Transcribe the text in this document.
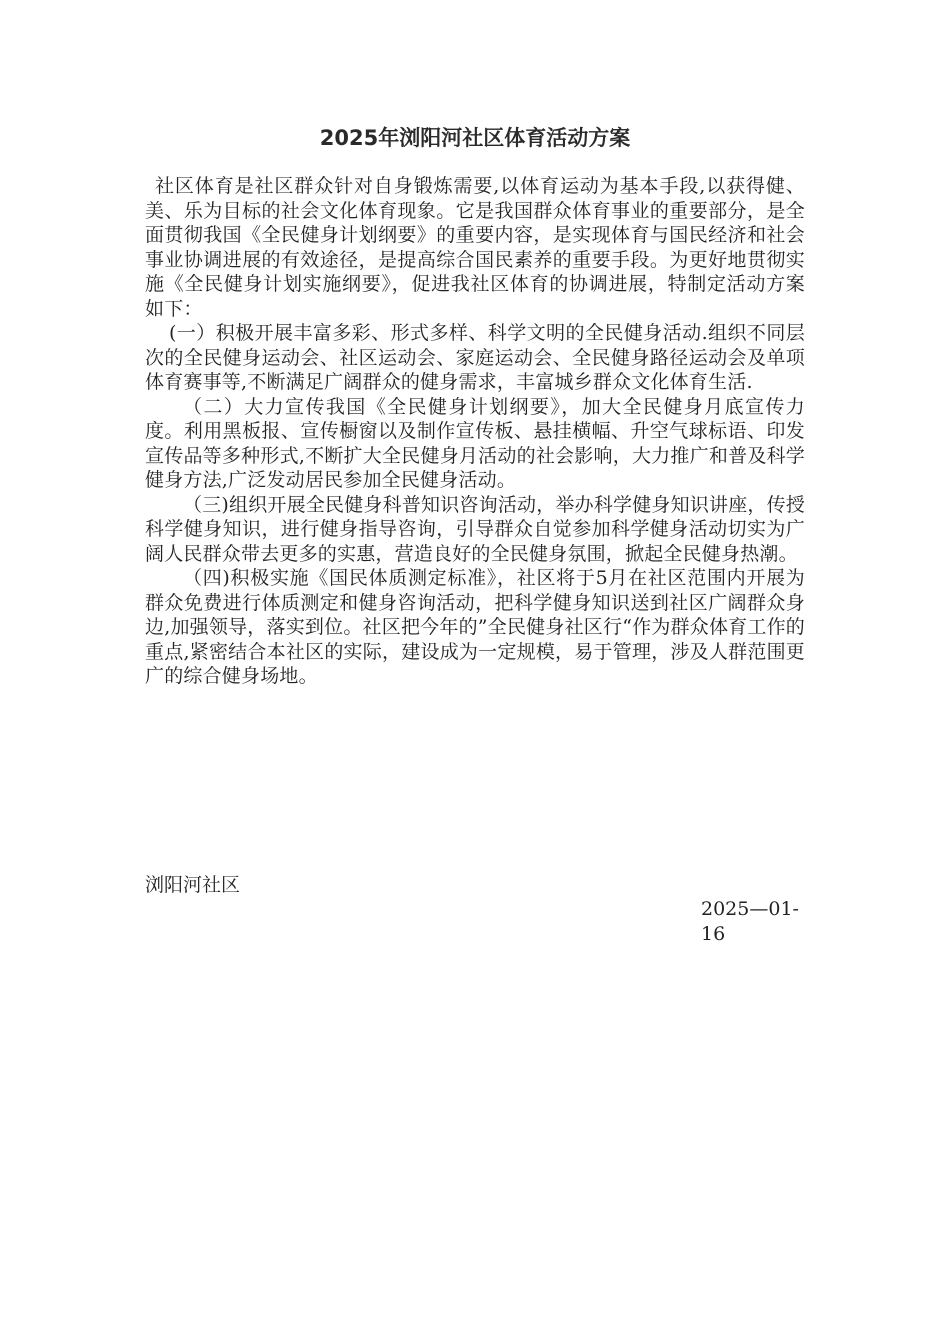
2025年浏阳河社区体育活动方案

社区体育是社区群众针对自身锻炼需要,以体育运动为基本手段,以获得健、美、乐为目标的社会文化体育现象。它是我国群众体育事业的重要部分，是全面贯彻我国《全民健身计划纲要》的重要内容，是实现体育与国民经济和社会事业协调进展的有效途径，是提高综合国民素养的重要手段。为更好地贯彻实施《全民健身计划实施纲要》，促进我社区体育的协调进展，特制定活动方案如下：

(一）积极开展丰富多彩、形式多样、科学文明的全民健身活动.组织不同层次的全民健身运动会、社区运动会、家庭运动会、全民健身路径运动会及单项体育赛事等,不断满足广阔群众的健身需求，丰富城乡群众文化体育生活.

（二）大力宣传我国《全民健身计划纲要》，加大全民健身月底宣传力度。利用黑板报、宣传橱窗以及制作宣传板、悬挂横幅、升空气球标语、印发宣传品等多种形式,不断扩大全民健身月活动的社会影响，大力推广和普及科学健身方法,广泛发动居民参加全民健身活动。

（三)组织开展全民健身科普知识咨询活动，举办科学健身知识讲座，传授科学健身知识，进行健身指导咨询，引导群众自觉参加科学健身活动切实为广阔人民群众带去更多的实惠，营造良好的全民健身氛围，掀起全民健身热潮。

（四)积极实施《国民体质测定标准》，社区将于5月在社区范围内开展为群众免费进行体质测定和健身咨询活动，把科学健身知识送到社区广阔群众身边,加强领导，落实到位。社区把今年的”全民健身社区行“作为群众体育工作的重点,紧密结合本社区的实际，建设成为一定规模，易于管理，涉及人群范围更广的综合健身场地。

浏阳河社区

2025—01-16
